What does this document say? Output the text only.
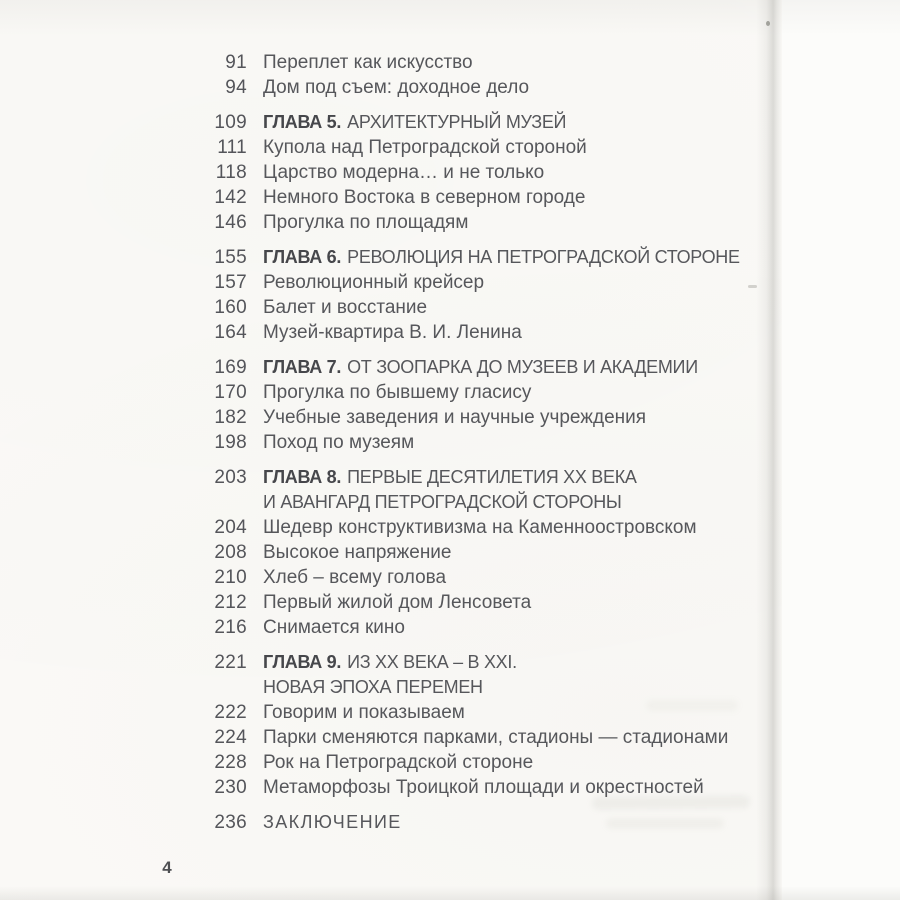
91 Переплет как искусство
94 Дом под съем: доходное дело
109 ГЛАВА 5. АРХИТЕКТУРНЫЙ МУЗЕЙ
111 Купола над Петроградской стороной
118 Царство модерна… и не только
142 Немного Востока в северном городе
146 Прогулка по площадям
155 ГЛАВА 6. РЕВОЛЮЦИЯ НА ПЕТРОГРАДСКОЙ СТОРОНЕ
157 Революционный крейсер
160 Балет и восстание
164 Музей-квартира В. И. Ленина
169 ГЛАВА 7. ОТ ЗООПАРКА ДО МУЗЕЕВ И АКАДЕМИИ
170 Прогулка по бывшему гласису
182 Учебные заведения и научные учреждения
198 Поход по музеям
203 ГЛАВА 8. ПЕРВЫЕ ДЕСЯТИЛЕТИЯ XX ВЕКА
И АВАНГАРД ПЕТРОГРАДСКОЙ СТОРОНЫ
204 Шедевр конструктивизма на Каменноостровском
208 Высокое напряжение
210 Хлеб – всему голова
212 Первый жилой дом Ленсовета
216 Снимается кино
221 ГЛАВА 9. ИЗ XX ВЕКА – В XXI.
НОВАЯ ЭПОХА ПЕРЕМЕН
222 Говорим и показываем
224 Парки сменяются парками, стадионы — стадионами
228 Рок на Петроградской стороне
230 Метаморфозы Троицкой площади и окрестностей
236 ЗАКЛЮЧЕНИЕ
4
